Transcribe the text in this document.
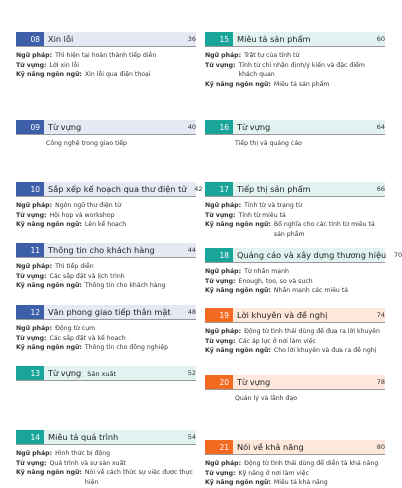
08 Xin lỗi	36
Ngữ pháp: Thì hiện tại hoàn thành tiếp diễn
Từ vựng: Lời xin lỗi
Kỹ năng ngôn ngữ: Xin lỗi qua điện thoại
09 Từ vựng	40
Công nghệ trong giao tiếp
10 Sắp xếp kế hoạch qua thư điện tử	42
Ngữ pháp: Ngôn ngữ thư điện tử
Từ vựng: Hội họp và workshop
Kỹ năng ngôn ngữ: Lên kế hoạch
11 Thông tin cho khách hàng	44
Ngữ pháp: Thì tiếp diễn
Từ vựng: Các sắp đặt và lịch trình
Kỹ năng ngôn ngữ: Thông tin cho khách hàng
12 Văn phong giao tiếp thân mật	48
Ngữ pháp: Động từ cụm
Từ vựng: Các sắp đặt và kế hoạch
Kỹ năng ngôn ngữ: Thông tin cho đồng nghiệp
13 Từ vựng Sản xuất	52
14 Miêu tả quá trình	54
Ngữ pháp: Hình thức bị động
Từ vựng: Quá trình và sự sản xuất
Kỹ năng ngôn ngữ: Nói về cách thức sự việc được thực hiện
15 Miêu tả sản phẩm	60
Ngữ pháp: Trật tự của tính từ
Từ vựng: Tính từ chỉ nhận định/ý kiến và đặc điểm khách quan
Kỹ năng ngôn ngữ: Miêu tả sản phẩm
16 Từ vựng	64
Tiếp thị và quảng cáo
17 Tiếp thị sản phẩm	66
Ngữ pháp: Tính từ và trạng từ
Từ vựng: Tính từ miêu tả
Kỹ năng ngôn ngữ: Bổ nghĩa cho các tính từ miêu tả sản phẩm
18 Quảng cáo và xây dựng thương hiệu	70
Ngữ pháp: Từ nhấn mạnh
Từ vựng: Enough, too, so và such
Kỹ năng ngôn ngữ: Nhấn mạnh các miêu tả
19 Lời khuyên và đề nghị	74
Ngữ pháp: Động từ tình thái dùng để đưa ra lời khuyên
Từ vựng: Các áp lực ở nơi làm việc
Kỹ năng ngôn ngữ: Cho lời khuyên và đưa ra đề nghị
20 Từ vựng	78
Quản lý và lãnh đạo
21 Nói về khả năng	80
Ngữ pháp: Động từ tình thái dùng để diễn tả khả năng
Từ vựng: Kỹ năng ở nơi làm việc
Kỹ năng ngôn ngữ: Miêu tả khả năng
